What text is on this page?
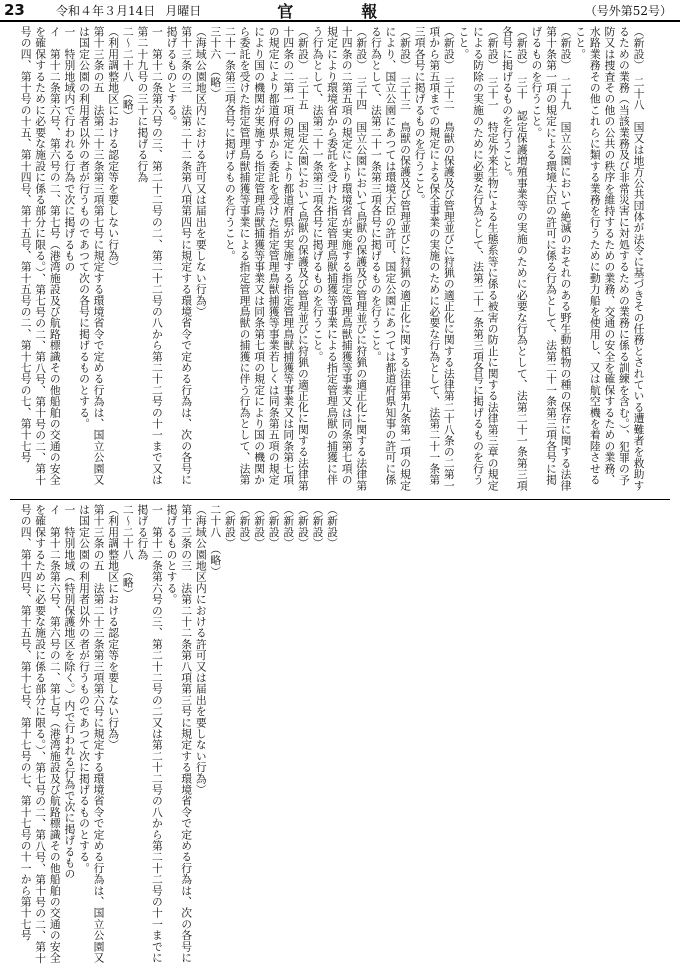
23	令和４年３月14日 月曜日	官　報	（号外第52号）
（新設）　二十八　国又は地方公共団体が法令に基づきその任務とされている遭難者を救助するための業務（当該業務及び非常災害に対処するための業務に係る訓練を含む。）、犯罪の予防又は捜査その他の公共の秩序を維持するための業務、交通の安全を確保するための業務、水路業務その他これらに類する業務を行うために動力船を使用し、又は航空機を着陸させること。
（新設）　二十九　国立公園において絶滅のおそれのある野生動植物の種の保存に関する法律第十条第一項の規定による環境大臣の許可に係る行為として、法第二十一条第三項各号に掲げるものを行うこと。
（新設）　三十　認定保護増殖事業等の実施のために必要な行為として、法第二十一条第三項各号に掲げるものを行うこと。
（新設）　三十一　特定外来生物による生態系等に係る被害の防止に関する法律第三章の規定による防除の実施のために必要な行為として、法第二十一条第三項各号に掲げるものを行うこと。
（新設）　三十二　鳥獣の保護及び管理並びに狩猟の適正化に関する法律第二十八条の二第一項から第五項までの規定による保全事業の実施のために必要な行為として、法第二十一条第三項各号に掲げるものを行うこと。
（新設）　三十三　鳥獣の保護及び管理並びに狩猟の適正化に関する法律第九条第一項の規定により、国立公園にあつては環境大臣の許可、国定公園にあつては都道府県知事の許可に係る行為として、法第二十一条第三項各号に掲げるものを行うこと。
（新設）　三十四　国立公園において鳥獣の保護及び管理並びに狩猟の適正化に関する法律第十四条の二第五項の規定により環境省が実施する指定管理鳥獣捕獲等事業又は同条第七項の規定により環境省から委託を受けた指定管理鳥獣捕獲等事業による指定管理鳥獣の捕獲に伴う行為として、法第二十一条第三項各号に掲げるものを行うこと。
（新設）　三十五　国定公園において鳥獣の保護及び管理並びに狩猟の適正化に関する法律第十四条の二第一項の規定により都道府県が実施する指定管理鳥獣捕獲等事業又は同条第七項の規定により都道府県から委託を受けた指定管理鳥獣捕獲等事業若しくは同条第五項の規定により国の機関が実施する指定管理鳥獣捕獲等事業又は同条第七項の規定により国の機関から委託を受けた指定管理鳥獣捕獲等事業による指定管理鳥獣の捕獲に伴う行為として、法第二十一条第三項各号に掲げるものを行うこと。
三十六　（略）
（海域公園地区内における許可又は届出を要しない行為）
第十三条の三　法第二十二条第八項第四号に規定する環境省令で定める行為は、次の各号に掲げるものとする。
一　第十二条第六号の三、第二十二号の二、第二十二号の八から第二十二号の十一まで又は第二十九号の三十に掲げる行為
二～二十八　（略）
（利用調整地区における認定等を要しない行為）
第十三条の五　法第二十三条第三項第七号に規定する環境省令で定める行為は、国立公園又は国定公園の利用者以外の者が行うものであつて次の各号に掲げるものとする。
一　特別地域内で行われる行為で次に掲げるもの
イ　第十二条第六号、第六号の二、第七号（港湾施設及び航路標識その他船舶の交通の安全を確保するために必要な施設に係る部分に限る。）、第七号の二、第八号、第十号の二、第十号の四、第十号の十五、第十四号、第十五号、第十五号の二、第十七号の七、第十七号
（新設）
（新設）
（新設）
（新設）
（新設）
（新設）
（新設）
（新設）
二十八　（略）
（海域公園地区内における許可又は届出を要しない行為）
第十三条の三　法第二十二条第八項第三号に規定する環境省令で定める行為は、次の各号に掲げるものとする。
一　第十二条第六号の三、第二十二号の二又は第二十二号の八から第二十二号の十一までに掲げる行為
二～二十八　（略）
（利用調整地区における認定等を要しない行為）
第十三条の五　法第二十三条第三項第六号に規定する環境省令で定める行為は、国立公園又は国定公園の利用者以外の者が行うものであつて次に掲げるものとする。
一　特別地域（特別保護地区を除く。）内で行われる行為で次に掲げるもの
イ　第十二条第六号、第六号の二、第七号（港湾施設及び航路標識その他船舶の交通の安全を確保するために必要な施設に係る部分に限る。）、第七号の二、第八号、第十号の二、第十号の四、第十四号、第十五号、第十七号、第十七号の七、第十七号の十一から第十七号
